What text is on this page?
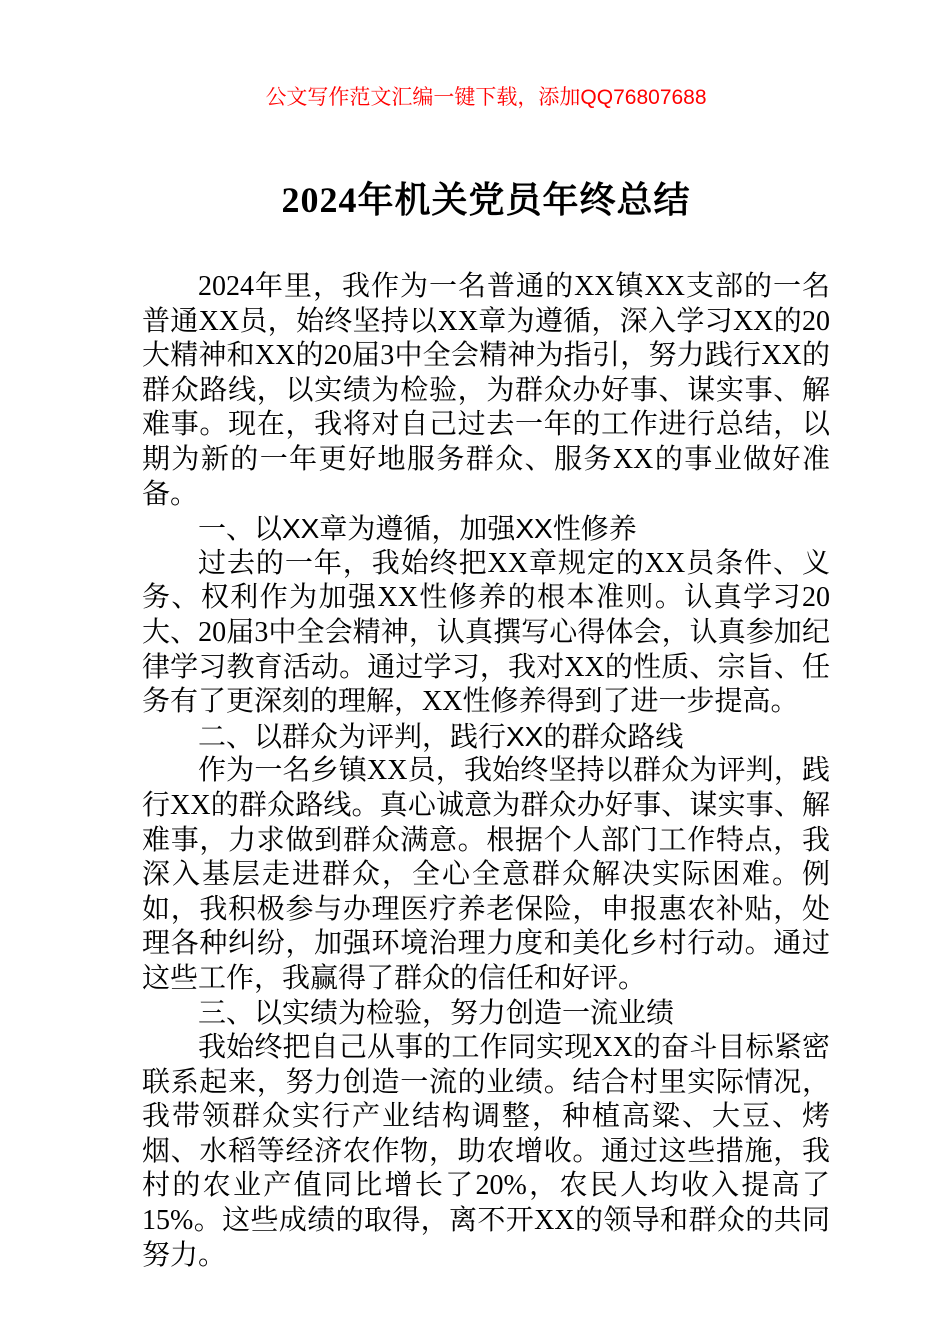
公文写作范文汇编一键下载，添加QQ76807688
2024年机关党员年终总结

2024年里，我作为一名普通的XX镇XX支部的一名普通XX员，始终坚持以XX章为遵循，深入学习XX的20大精神和XX的20届3中全会精神为指引，努力践行XX的群众路线，以实绩为检验，为群众办好事、谋实事、解难事。现在，我将对自己过去一年的工作进行总结，以期为新的一年更好地服务群众、服务XX的事业做好准备。

一、以XX章为遵循，加强XX性修养

过去的一年，我始终把XX章规定的XX员条件、义务、权利作为加强XX性修养的根本准则。认真学习20大、20届3中全会精神，认真撰写心得体会，认真参加纪律学习教育活动。通过学习，我对XX的性质、宗旨、任务有了更深刻的理解，XX性修养得到了进一步提高。

二、以群众为评判，践行XX的群众路线

作为一名乡镇XX员，我始终坚持以群众为评判，践行XX的群众路线。真心诚意为群众办好事、谋实事、解难事，力求做到群众满意。根据个人部门工作特点，我深入基层走进群众，全心全意群众解决实际困难。例如，我积极参与办理医疗养老保险，申报惠农补贴，处理各种纠纷，加强环境治理力度和美化乡村行动。通过这些工作，我赢得了群众的信任和好评。

三、以实绩为检验，努力创造一流业绩

我始终把自己从事的工作同实现XX的奋斗目标紧密联系起来，努力创造一流的业绩。结合村里实际情况，我带领群众实行产业结构调整，种植高粱、大豆、烤烟、水稻等经济农作物，助农增收。通过这些措施，我村的农业产值同比增长了20%，农民人均收入提高了15%。这些成绩的取得，离不开XX的领导和群众的共同努力。
